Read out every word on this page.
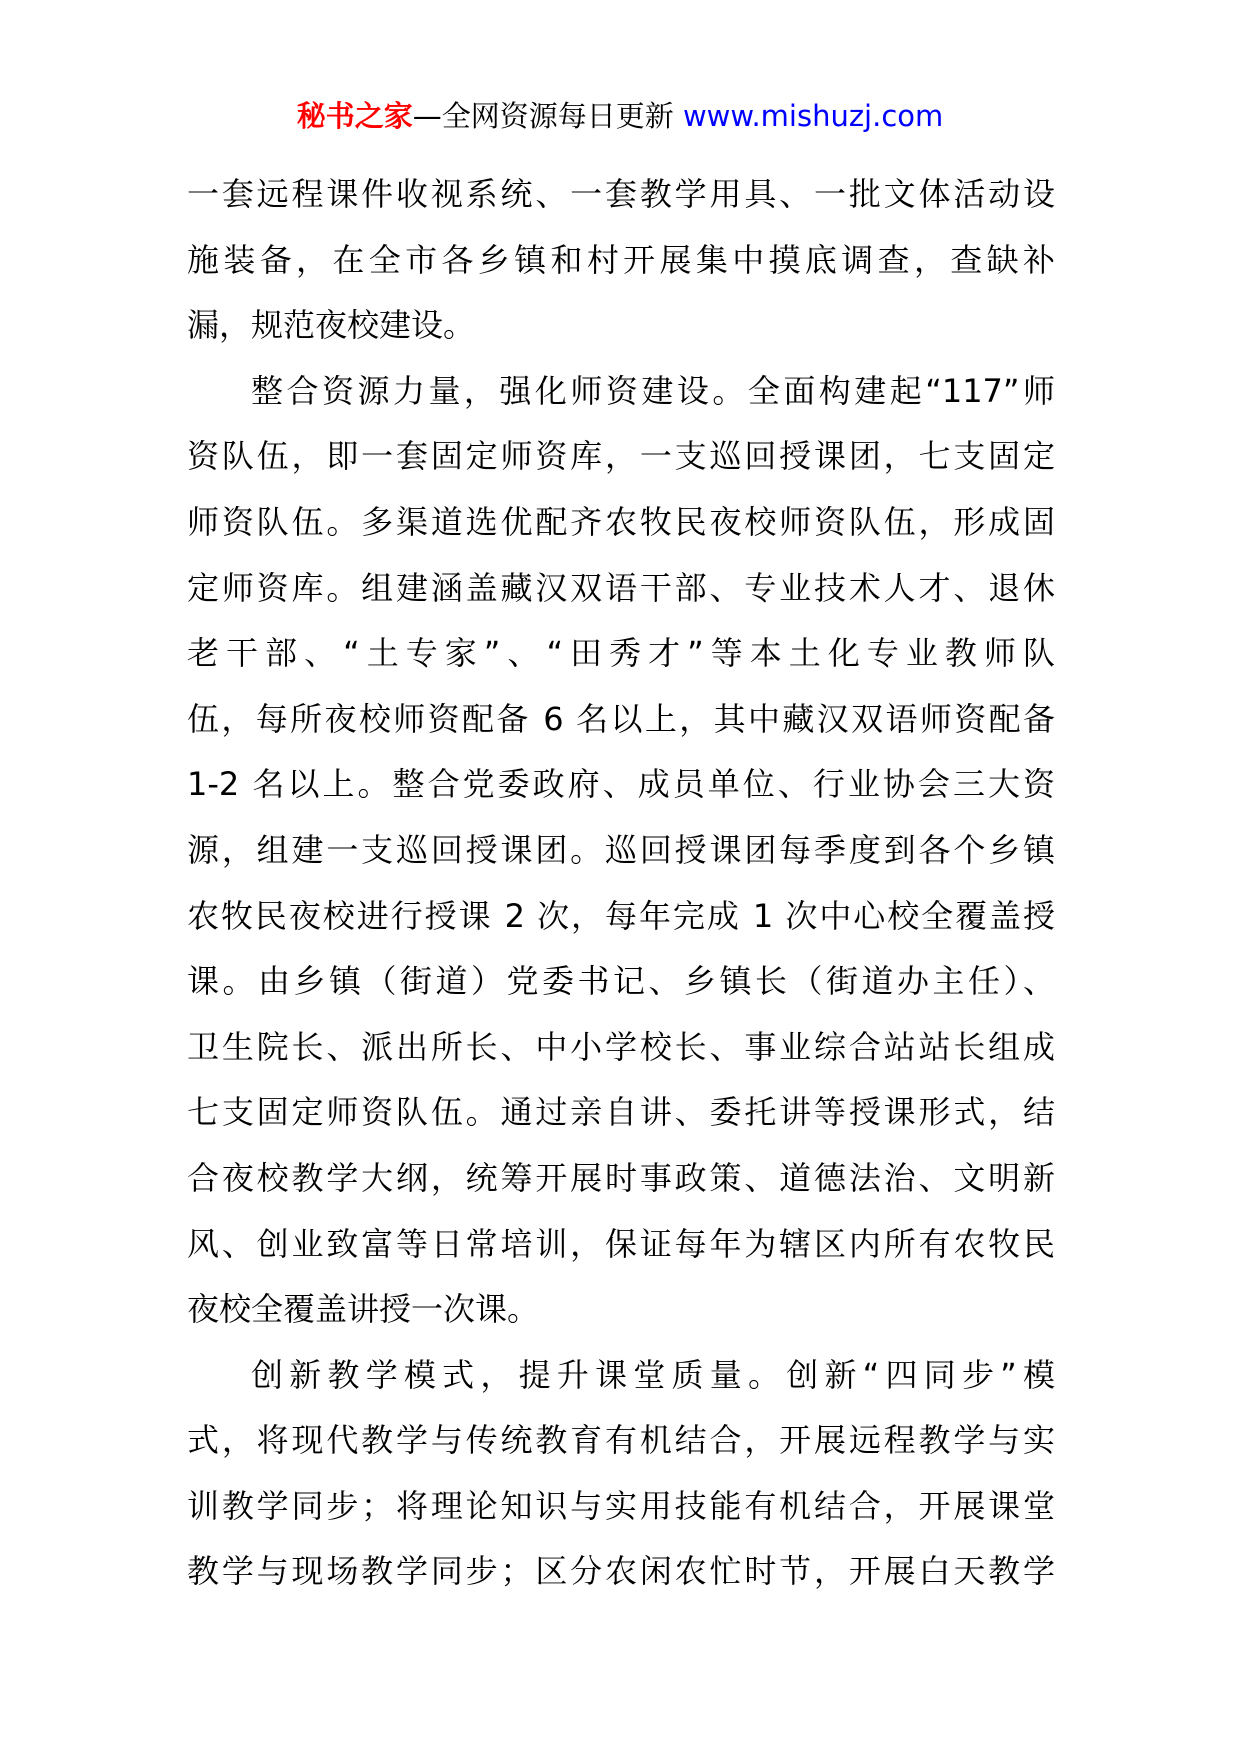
秘书之家—全网资源每日更新 www.mishuzj.com
一套远程课件收视系统、一套教学用具、一批文体活动设
施装备，在全市各乡镇和村开展集中摸底调查，查缺补
漏，规范夜校建设。
整合资源力量，强化师资建设。全面构建起“117”师
资队伍，即一套固定师资库，一支巡回授课团，七支固定
师资队伍。多渠道选优配齐农牧民夜校师资队伍，形成固
定师资库。组建涵盖藏汉双语干部、专业技术人才、退休
老干部、“土专家”、“田秀才”等本土化专业教师队
伍，每所夜校师资配备 6 名以上，其中藏汉双语师资配备
1-2 名以上。整合党委政府、成员单位、行业协会三大资
源，组建一支巡回授课团。巡回授课团每季度到各个乡镇
农牧民夜校进行授课 2 次，每年完成 1 次中心校全覆盖授
课。由乡镇（街道）党委书记、乡镇长（街道办主任）、
卫生院长、派出所长、中小学校长、事业综合站站长组成
七支固定师资队伍。通过亲自讲、委托讲等授课形式，结
合夜校教学大纲，统筹开展时事政策、道德法治、文明新
风、创业致富等日常培训，保证每年为辖区内所有农牧民
夜校全覆盖讲授一次课。
创新教学模式，提升课堂质量。创新“四同步”模
式，将现代教学与传统教育有机结合，开展远程教学与实
训教学同步；将理论知识与实用技能有机结合，开展课堂
教学与现场教学同步；区分农闲农忙时节，开展白天教学
